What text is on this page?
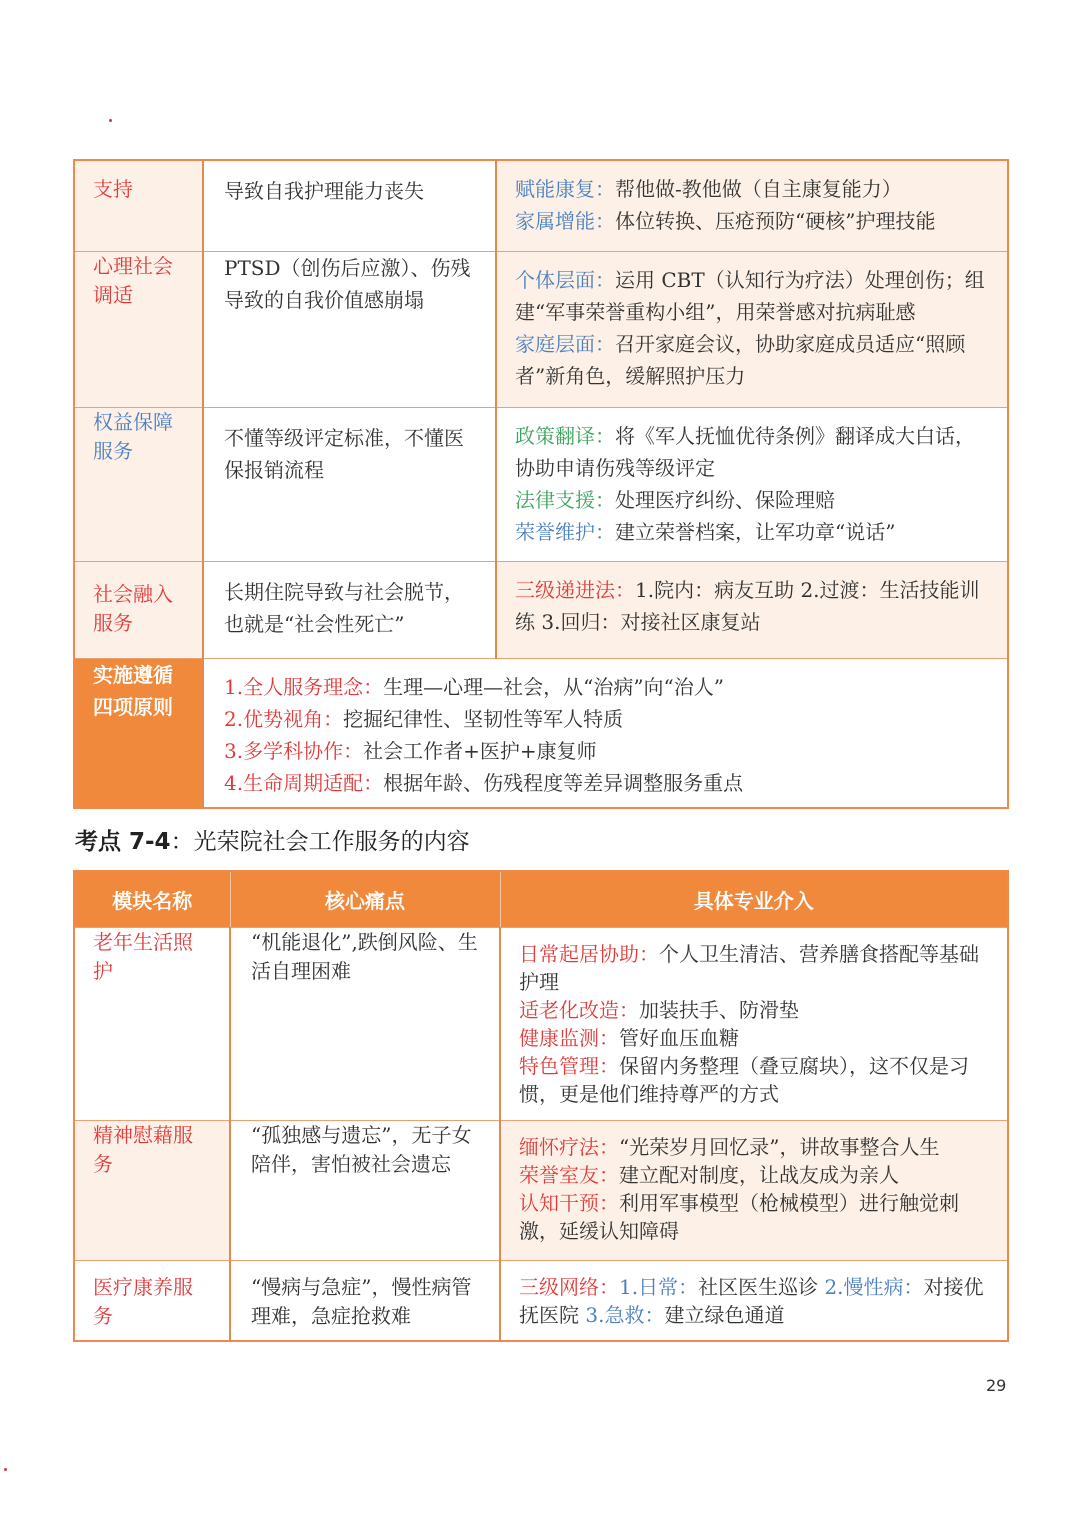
支持	导致自我护理能力丧失	赋能康复：帮他做-教他做（自主康复能力）
家属增能：体位转换、压疮预防“硬核”护理技能

心理社会调适	PTSD（创伤后应激）、伤残导致的自我价值感崩塌	个体层面：运用 CBT（认知行为疗法）处理创伤；组建“军事荣誉重构小组”，用荣誉感对抗病耻感
家庭层面：召开家庭会议，协助家庭成员适应“照顾者”新角色，缓解照护压力

权益保障服务	不懂等级评定标准，不懂医保报销流程	政策翻译：将《军人抚恤优待条例》翻译成大白话，协助申请伤残等级评定
法律支援：处理医疗纠纷、保险理赔
荣誉维护：建立荣誉档案，让军功章“说话”

社会融入服务	长期住院导致与社会脱节，也就是“社会性死亡”	三级递进法：1.院内：病友互助 2.过渡：生活技能训练 3.回归：对接社区康复站

实施遵循四项原则	1.全人服务理念：生理—心理—社会，从“治病”向“治人”
2.优势视角：挖掘纪律性、坚韧性等军人特质
3.多学科协作：社会工作者+医护+康复师
4.生命周期适配：根据年龄、伤残程度等差异调整服务重点	
考点 7-4：光荣院社会工作服务的内容
模块名称	核心痛点	具体专业介入

老年生活照护	“机能退化”,跌倒风险、生活自理困难	日常起居协助：个人卫生清洁、营养膳食搭配等基础护理
适老化改造：加装扶手、防滑垫
健康监测：管好血压血糖
特色管理：保留内务整理（叠豆腐块），这不仅是习惯，更是他们维持尊严的方式

精神慰藉服务	“孤独感与遗忘”，无子女陪伴，害怕被社会遗忘	缅怀疗法：“光荣岁月回忆录”，讲故事整合人生
荣誉室友：建立配对制度，让战友成为亲人
认知干预：利用军事模型（枪械模型）进行触觉刺激，延缓认知障碍

医疗康养服务	“慢病与急症”，慢性病管理难，急症抢救难	三级网络：1.日常：社区医生巡诊 2.慢性病：对接优抚医院 3.急救：建立绿色通道
29
